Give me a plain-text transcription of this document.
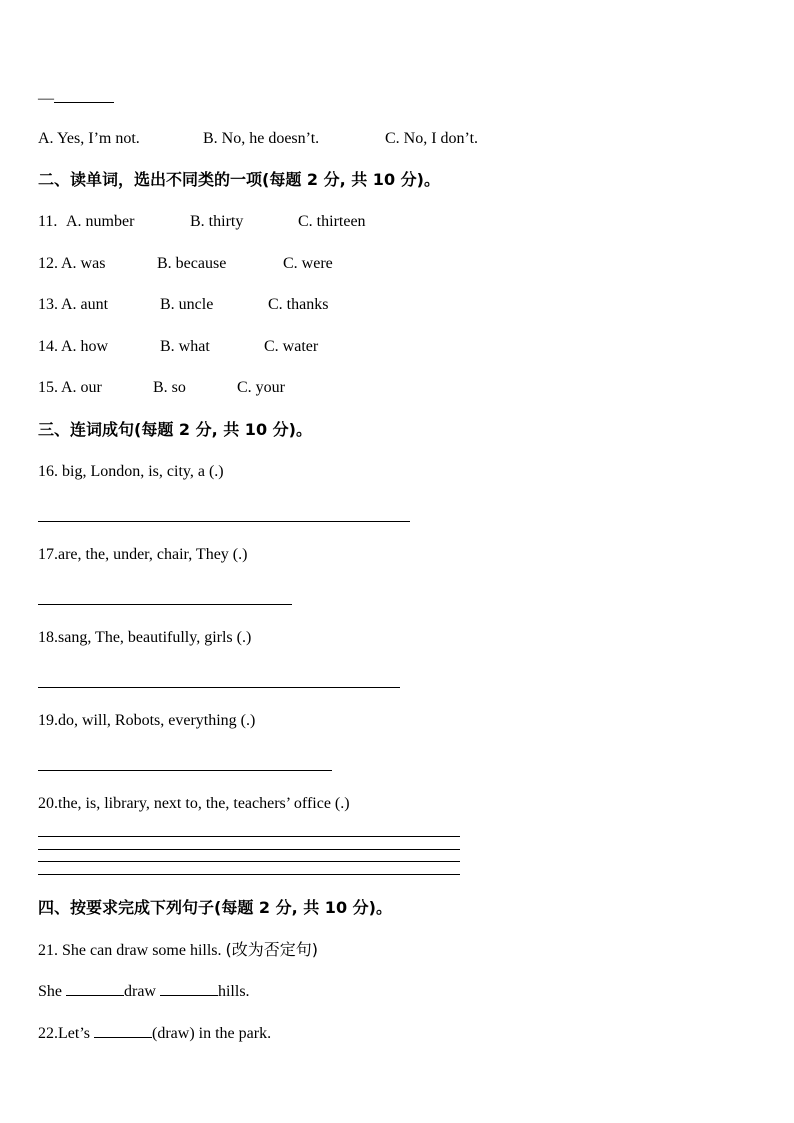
—
A. Yes, I’m not.	B. No, he doesn’t.	C. No, I don’t.
二、读单词，选出不同类的一项(每题 2 分, 共 10 分)。
11. A. number	B. thirty	C. thirteen
12. A. was	B. because	C. were
13. A. aunt	B. uncle	C. thanks
14. A. how	B. what	C. water
15. A. our	B. so	C. your
三、连词成句(每题 2 分, 共 10 分)。
16. big, London, is, city, a (.)
17.are, the, under, chair, They (.)
18.sang, The, beautifully, girls (.)
19.do, will, Robots, everything (.)
20.the, is, library, next to, the, teachers’ office (.)
四、按要求完成下列句子(每题 2 分, 共 10 分)。
21. She can draw some hills. (改为否定句)
She	draw	hills.
22.Let’s	(draw) in the park.
